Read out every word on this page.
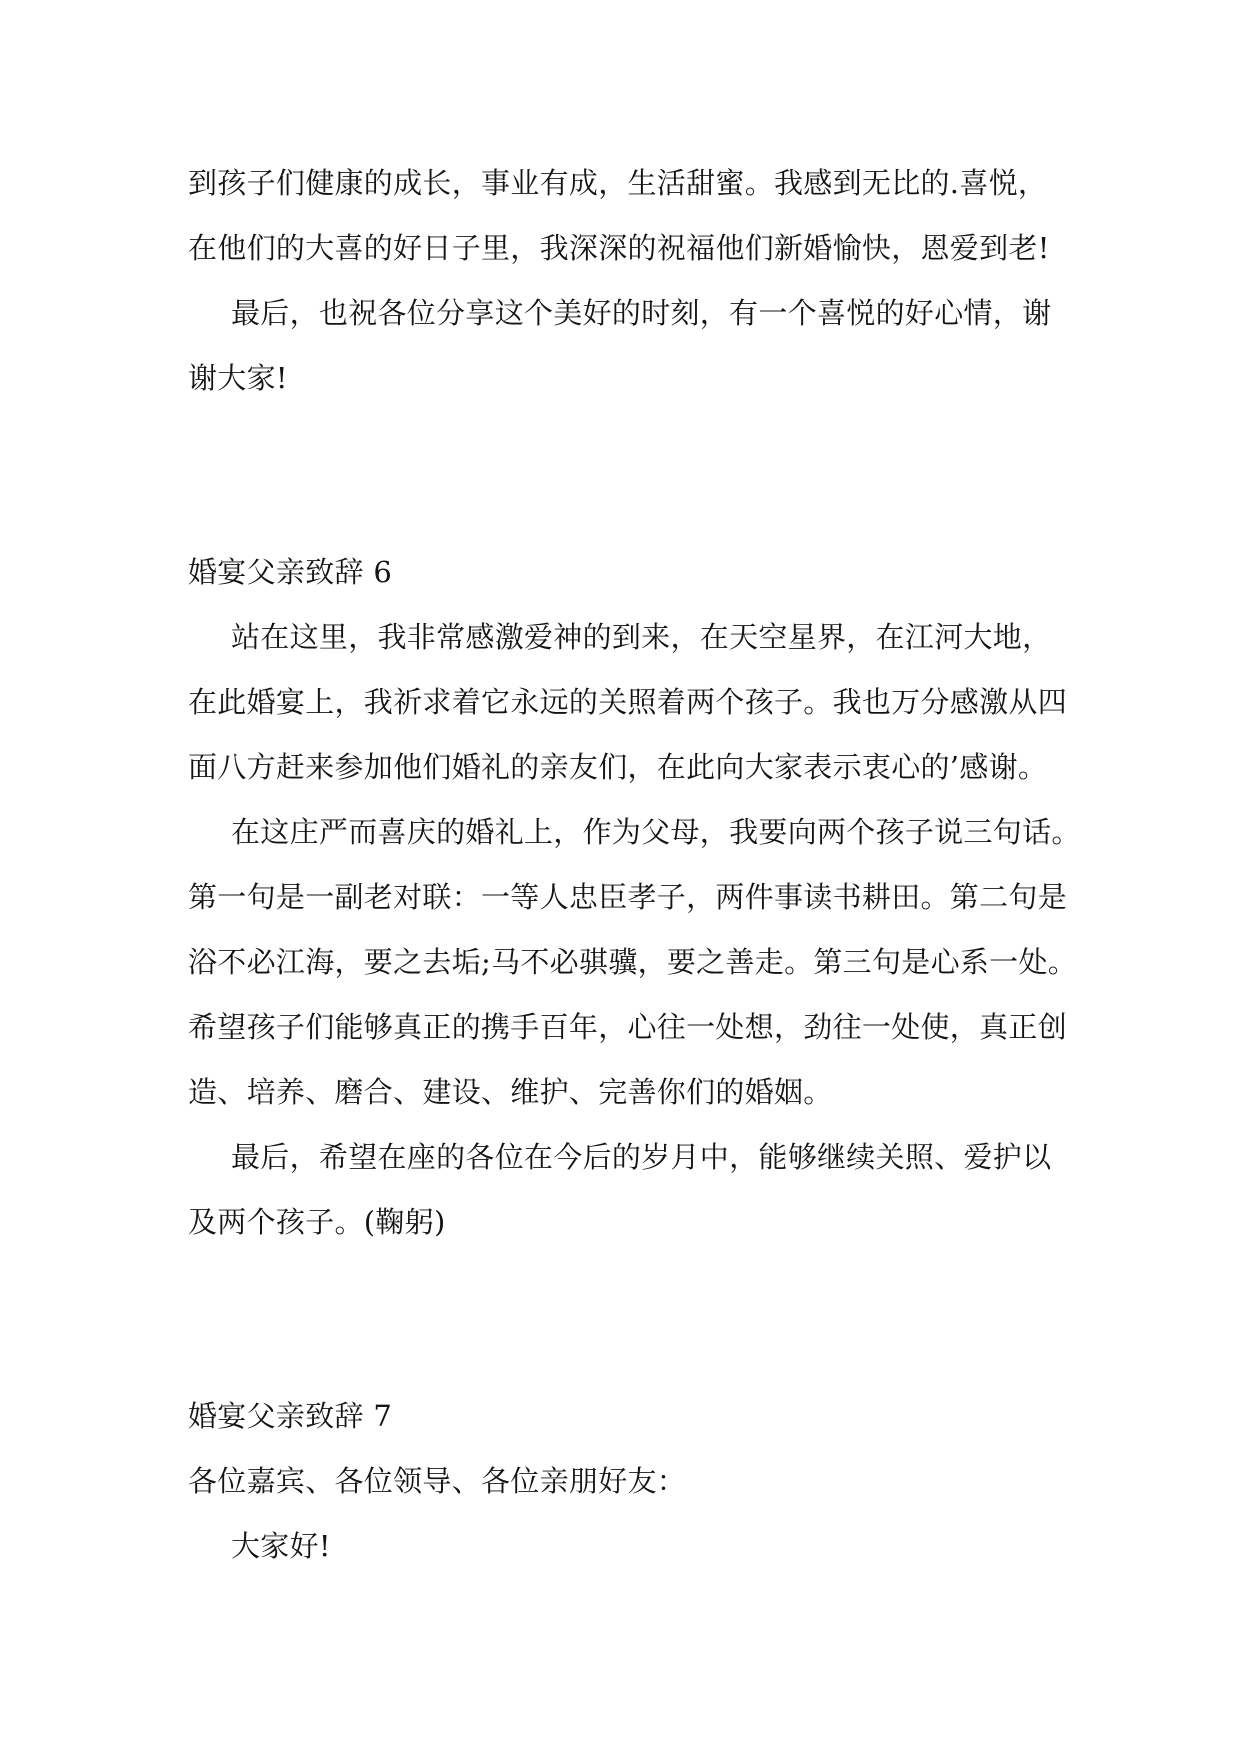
到孩子们健康的成长，事业有成，生活甜蜜。我感到无比的.喜悦，
在他们的大喜的好日子里，我深深的祝福他们新婚愉快，恩爱到老!
最后，也祝各位分享这个美好的时刻，有一个喜悦的好心情，谢
谢大家!
婚宴父亲致辞 6
站在这里，我非常感激爱神的到来，在天空星界，在江河大地，
在此婚宴上，我祈求着它永远的关照着两个孩子。我也万分感激从四
面八方赶来参加他们婚礼的亲友们，在此向大家表示衷心的’感谢。
在这庄严而喜庆的婚礼上，作为父母，我要向两个孩子说三句话。
第一句是一副老对联：一等人忠臣孝子，两件事读书耕田。第二句是
浴不必江海，要之去垢;马不必骐骥，要之善走。第三句是心系一处。
希望孩子们能够真正的携手百年，心往一处想，劲往一处使，真正创
造、培养、磨合、建设、维护、完善你们的婚姻。
最后，希望在座的各位在今后的岁月中，能够继续关照、爱护以
及两个孩子。(鞠躬)
婚宴父亲致辞 7
各位嘉宾、各位领导、各位亲朋好友：
大家好!
